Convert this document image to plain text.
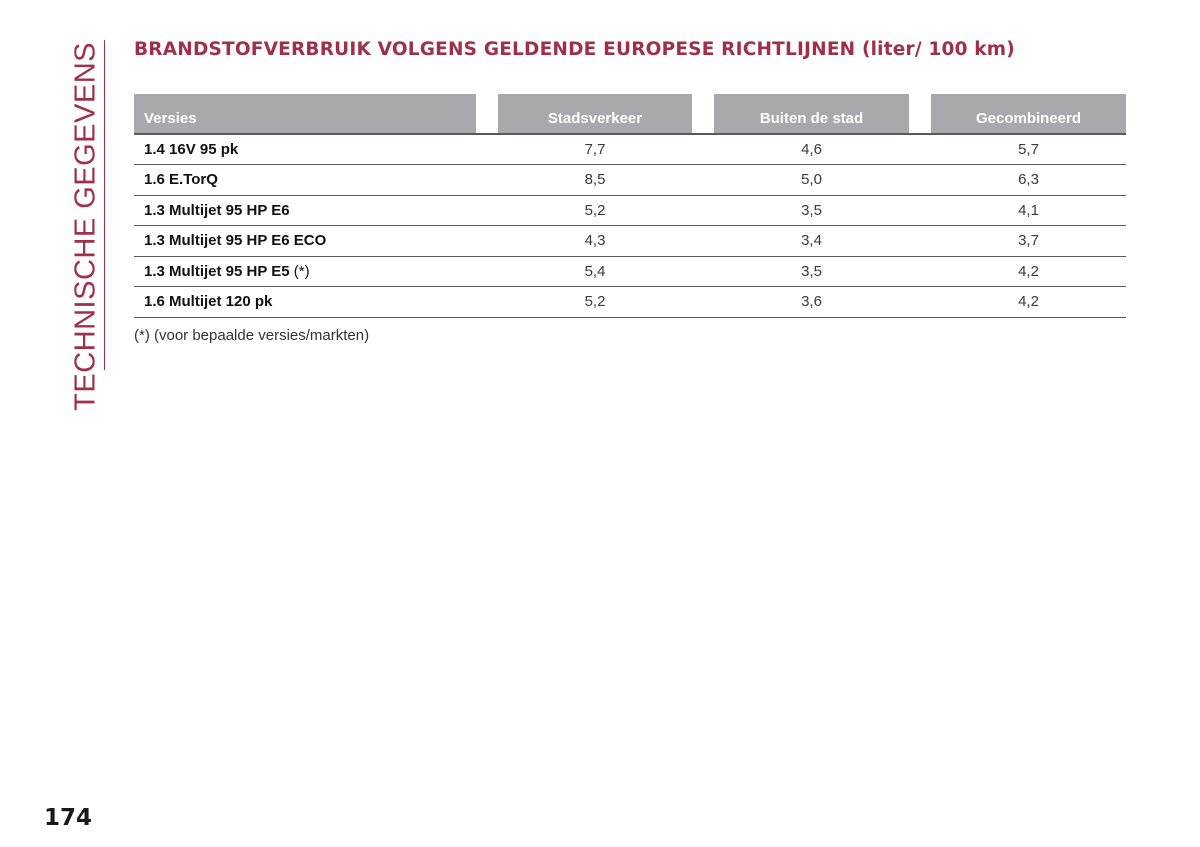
TECHNISCHE GEGEVENS BRANDSTOFVERBRUIK VOLGENS GELDENDE EUROPESE RICHTLIJNEN (liter/ 100 km)
Versies		Stadsverkeer		Buiten de stad		Gecombineerd
1.4 16V 95 pk		7,7		4,6		5,7
1.6 E.TorQ		8,5		5,0		6,3
1.3 Multijet 95 HP E6		5,2		3,5		4,1
1.3 Multijet 95 HP E6 ECO		4,3		3,4		3,7
1.3 Multijet 95 HP E5 (*)		5,4		3,5		4,2
1.6 Multijet 120 pk		5,2		3,6		4,2
(*) (voor bepaalde versies/markten)
174
